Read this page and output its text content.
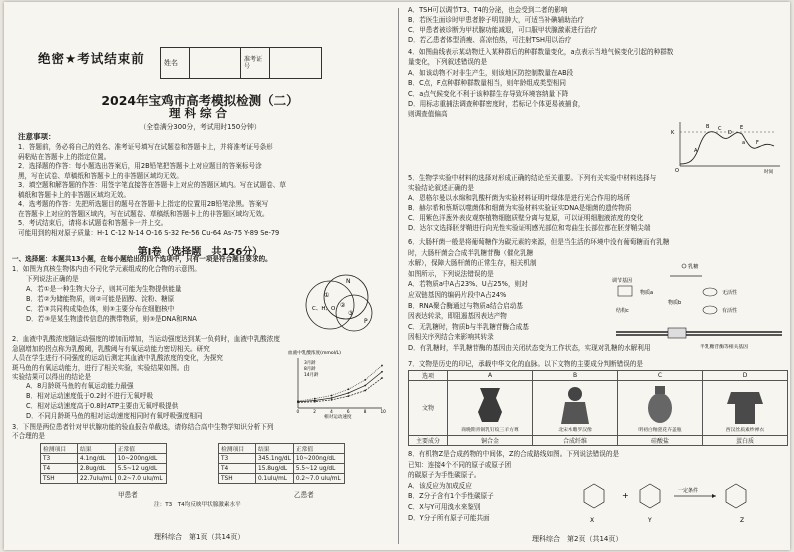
绝密★考试结束前	姓名	准考证号
2024年宝鸡市高考模拟检测（二）
理科综合
（全卷满分300分，考试用时150分钟）
注意事项：
1．答题前，务必将自己的姓名、准考证号填写在试题卷和答题卡上，并将准考证号条形
码粘贴在答题卡上的指定位置。
2．选择题的作答：每小题选出答案后，用2B铅笔把答题卡上对应题目的答案标号涂
黑，写在试卷、草稿纸和答题卡上的非答题区域均无效。
3．填空题和解答题的作答：用签字笔直接答在答题卡上对应的答题区域内。写在试题卷、草
稿纸和答题卡上的非答题区域均无效。
4．选考题的作答：先把所选题目的题号在答题卡上指定的位置用2B铅笔涂黑。答案写
在答题卡上对应的答题区域内，写在试题卷、草稿纸和答题卡上的非答题区域均无效。
5．考试结束后，请将本试题卷和答题卡一并上交。
可能用到的相对原子质量：H-1 C-12 N-14 O-16 S-32 Fe-56 Cu-64 As-75 Y-89 Se-79
第Ⅰ卷（选择题　共126分）
一、选择题：本题共13小题，在每小题给出的四个选项中，只有一项是符合题目要求的。
1．如图为真核生物体内由不同化学元素组成的化合物的示意图。
下列说法正确的是
A．若①是一种生物大分子，则其可能为生物提供能量
B．若②为储能物质，则②可能是固醇、淀粉、糖原
C．若③共同构成染色体，则③主要分布在细胞核中
D．若③是某生物遗传信息的携带物质，则③是DNA和RNA
C、H、O
N
P
①
②
③
2．血液中乳酸浓度随运动强度的增加而增加，当运动强度达到某一负荷时，血液中乳酸浓度
急剧增加的拐点称为乳酸阈，乳酸阈与有氧运动能力密切相关。研究
人员在学生进行不同强度的运动后测定其血液中乳酸浓度的变化，为探究
斑马鱼的有氧运动能力，进行了相关实验，实验结果如图。由
实验结果可以得出的结论是
A．8月龄斑马鱼的有氧运动能力最强
B．相对运动速度低于0.2时不进行无氧呼吸
C．相对运动速度高于0.8时ATP主要由无氧呼吸提供
D．不同月龄斑马鱼的相对运动速度相同时有氧呼吸强度相同
血液中乳酸浓度(mmol/L)
3月龄
8月龄
14月龄
0	2	4	6	8	10
相对运动速度
3．下图是两位患者针对甲状腺功能的验血报告单截选，请你结合高中生物学知识分析下列
不合理的是
检测项目	结果	正常值
T3	4.1ng/dL	10~200ng/dL
T4	2.8ug/dL	5.5~12 ug/dL
TSH	22.7ulu/mL	0.2~7.0 ulu/mL
甲患者
检测项目	结果	正常值
T3	345.1ng/dL	10~200ng/dL
T4	15.8ug/dL	5.5~12 ug/dL
TSH	0.1ulu/mL	0.2~7.0 ulu/mL
乙患者
注：T3　T4均反映甲状腺激素水平
理科综合　第1页（共14页）
A．TSH可以调节T3、T4的分泌，也会受到二者的影响
B．若医生面诊时甲患者脖子明显肿大，可适当补碘辅助治疗
C．甲患者被诊断为甲状腺功能减退，可口服甲状腺激素进行治疗
D．若乙患者体型消瘦、喜凉怕热，可注射TSH用以治疗
4．如图曲线表示某动物迁入某种群后的种群数量变化，a点表示当地气候变化引起的种群数
量变化，下列叙述错误的是
A．如该动物不对非生产生，则该地区防控制数量在AB段
B．C点，F点种群种群数量相当，则年龄组成类型相同
C．a点气候变化不利于该种群生存导致环境容纳量下降
D．用标志重捕法调查种群密度时，若标记个体更易被捕食，
则调查值偏高
K
B C
D
E
F
A
a
O	时间
5．生物学实验中材料的选择对形成正确的结论至关重要。下列有关实验中材料选择与
实验结论叙述正确的是
A．恩格尔曼以水绵和乳酸杆菌为实验材料证明叶绿体是进行光合作用的场所
B．赫尔希和蔡斯以噬菌体和细菌为实验材料实验证实DNA是细菌的遗传物质
C．用紫色洋葱外表皮观察植物细胞质壁分离与复原，可以证明细胞液浓度的变化
D．达尔文选择胚芽鞘进行向光性实验证明感光部位和弯曲生长部位都在胚芽鞘尖端
6．大肠杆菌一般是将葡萄糖作为碳元素的来源，但是当生活的环境中没有葡萄糖而有乳糖
时，大肠杆菌会合成半乳糖苷酶（催化乳糖
水解），保障大肠杆菌的正常生存，相关机制
如图所示，下列说法错误的是
A．若物质a中A占23%、U占25%，则对
应双链基因的编码片段中A占24%
B．RNA聚合酶通过与物质a结合启动基
因表达转录，即阻遏基因表达产物
C．无乳糖时，物质b与半乳糖苷酶合成基
因相关序列结合来影响其转录
D．有乳糖时，半乳糖苷酶的基因由关闭状态变为工作状态，实现对乳糖的水解利用
乳糖
调节基因
物质a
物质b
结构c
无活性
有活性
半乳糖苷酶等相关基因
7．文物是历史的印记，承载中华文化的血脉。以下文物的主要成分判断错误的是
选项	A	B	C	D
文物	商晚期青铜乳钉纹三羊方尊	北宋木雕罗汉像	明初白釉瓷花卉盖瓶	西汉丝质素纱禅衣

主要成分	铜合金	合成纤维	硅酸盐	蛋白质
8．有机物Z是合成药物的中间体，Z的合成路线如图。下列说法错误的是
已知：连接4个不同的原子或原子团
的碳原子为手性碳原子。
A．该反应为加成反应
B．Z分子含有1个手性碳原子
C．X与Y可用溴水来鉴别
D．Y分子所有原子可能共面	X	Y	Z
+	一定条件
理科综合　第2页（共14页）
